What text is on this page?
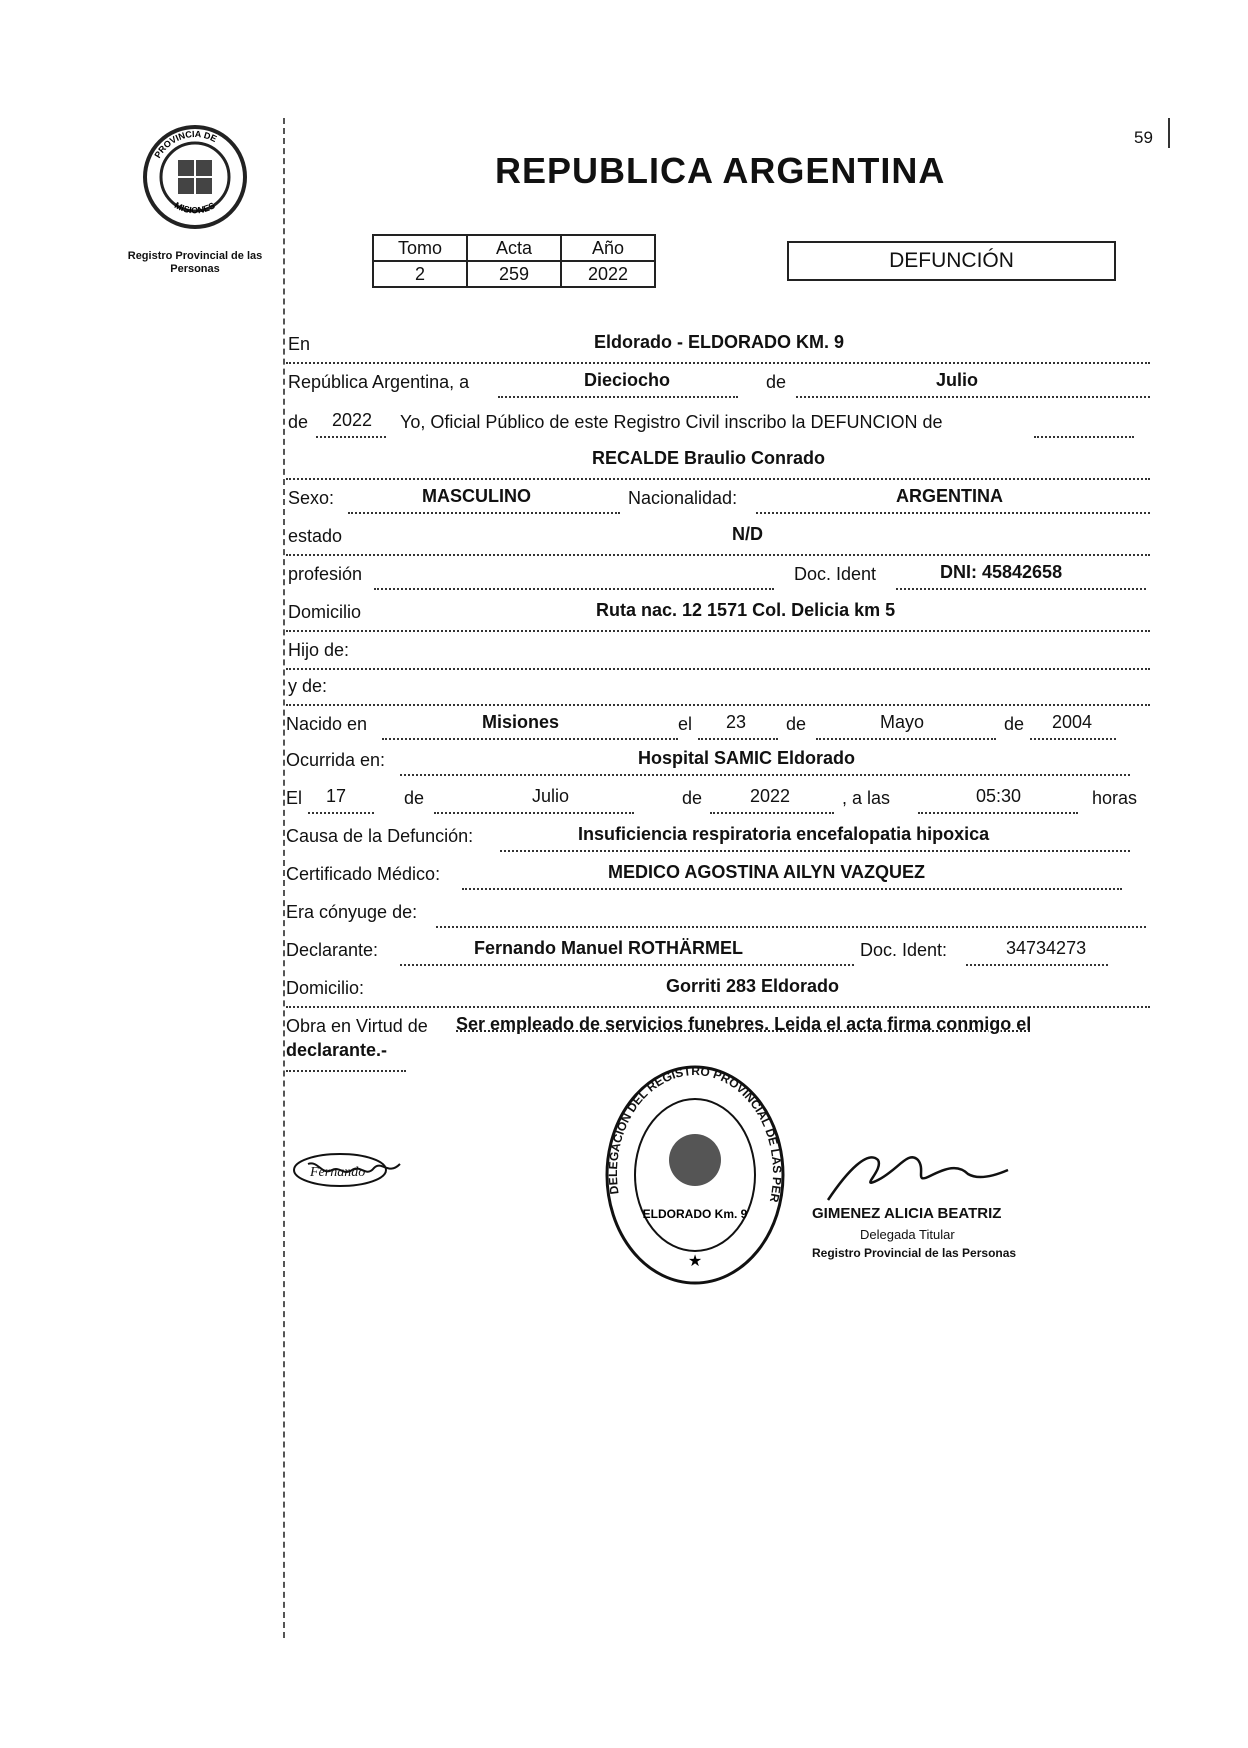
59
PROVINCIA DE
MISIONES
Registro Provincial de las Personas
REPUBLICA ARGENTINA
Tomo	Acta	Año
2	259	2022
DEFUNCIÓN
En	Eldorado - ELDORADO KM. 9
República Argentina, a	Dieciocho	de	Julio
de 2022 Yo, Oficial Público de este Registro Civil inscribo la DEFUNCION de
RECALDE Braulio Conrado
Sexo:	MASCULINO	Nacionalidad:	ARGENTINA
estado	N/D
profesión	Doc. Ident	DNI: 45842658
Domicilio	Ruta nac. 12 1571 Col. Delicia km 5
Hijo de:
y de:
Nacido en	Misiones	el 23 de	Mayo	de 2004
Ocurrida en:	Hospital SAMIC Eldorado
El 17	de	Julio	de	2022	, a las	05:30	horas
Causa de la Defunción:	Insuficiencia respiratoria encefalopatia hipoxica
Certificado Médico:	MEDICO AGOSTINA AILYN VAZQUEZ
Era cónyuge de:
Declarante:	Fernando Manuel ROTHÄRMEL	Doc. Ident:	34734273
Domicilio:	Gorriti 283 Eldorado
Obra en Virtud de Ser empleado de servicios funebres. Leida el acta firma conmigo el
declarante.-
Fernando
DELEGACION DEL REGISTRO PROVINCIAL DE LAS PER
ELDORADO Km. 9
★
GIMENEZ ALICIA BEATRIZ
Delegada Titular
Registro Provincial de las Personas
